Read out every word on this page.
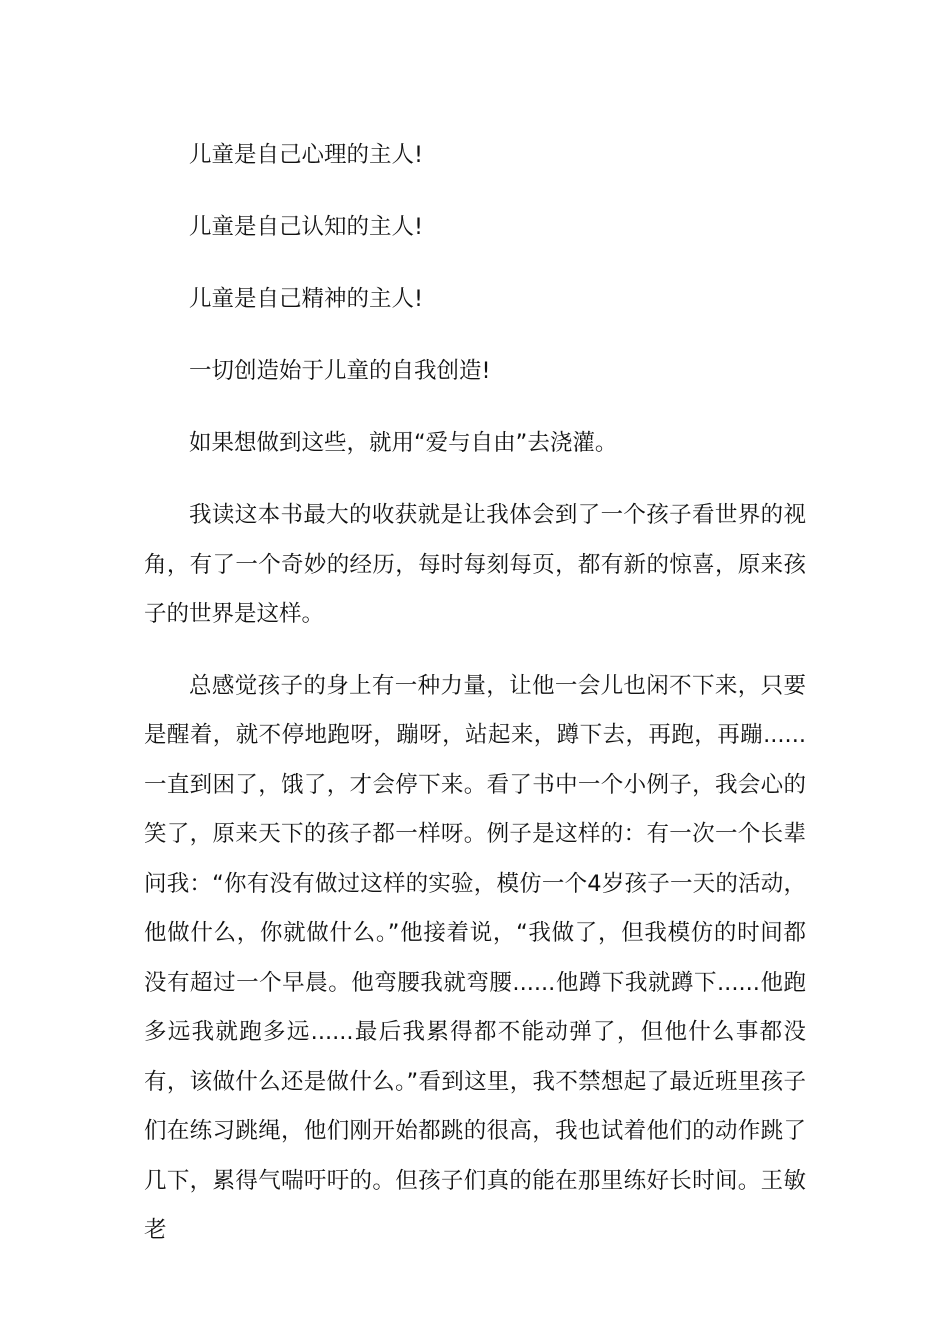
儿童是自己心理的主人!

儿童是自己认知的主人!

儿童是自己精神的主人!

一切创造始于儿童的自我创造!

如果想做到这些，就用“爱与自由”去浇灌。

我读这本书最大的收获就是让我体会到了一个孩子看世界的视角，有了一个奇妙的经历，每时每刻每页，都有新的惊喜，原来孩子的世界是这样。

总感觉孩子的身上有一种力量，让他一会儿也闲不下来，只要是醒着，就不停地跑呀，蹦呀，站起来，蹲下去，再跑，再蹦......一直到困了，饿了，才会停下来。看了书中一个小例子，我会心的笑了，原来天下的孩子都一样呀。例子是这样的：有一次一个长辈问我：“你有没有做过这样的实验，模仿一个4岁孩子一天的活动，他做什么，你就做什么。”他接着说，“我做了，但我模仿的时间都没有超过一个早晨。他弯腰我就弯腰......他蹲下我就蹲下......他跑多远我就跑多远......最后我累得都不能动弹了，但他什么事都没有，该做什么还是做什么。”看到这里，我不禁想起了最近班里孩子们在练习跳绳，他们刚开始都跳的很高，我也试着他们的动作跳了几下，累得气喘吁吁的。但孩子们真的能在那里练好长时间。王敏老
